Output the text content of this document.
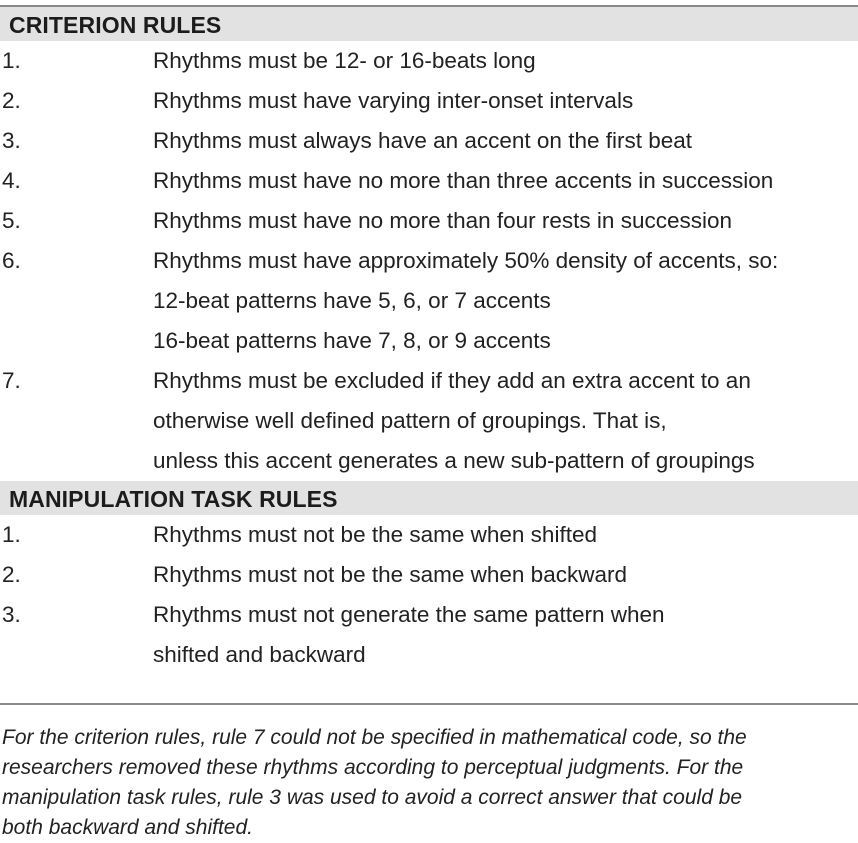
CRITERION RULES
1.	Rhythms must be 12- or 16-beats long
2.	Rhythms must have varying inter-onset intervals
3.	Rhythms must always have an accent on the first beat
4.	Rhythms must have no more than three accents in succession
5.	Rhythms must have no more than four rests in succession
6.	Rhythms must have approximately 50% density of accents, so:
12-beat patterns have 5, 6, or 7 accents
16-beat patterns have 7, 8, or 9 accents
7.	Rhythms must be excluded if they add an extra accent to an
otherwise well defined pattern of groupings. That is,
unless this accent generates a new sub-pattern of groupings
MANIPULATION TASK RULES
1.	Rhythms must not be the same when shifted
2.	Rhythms must not be the same when backward
3.	Rhythms must not generate the same pattern when
shifted and backward
For the criterion rules, rule 7 could not be specified in mathematical code, so the
researchers removed these rhythms according to perceptual judgments. For the
manipulation task rules, rule 3 was used to avoid a correct answer that could be
both backward and shifted.
